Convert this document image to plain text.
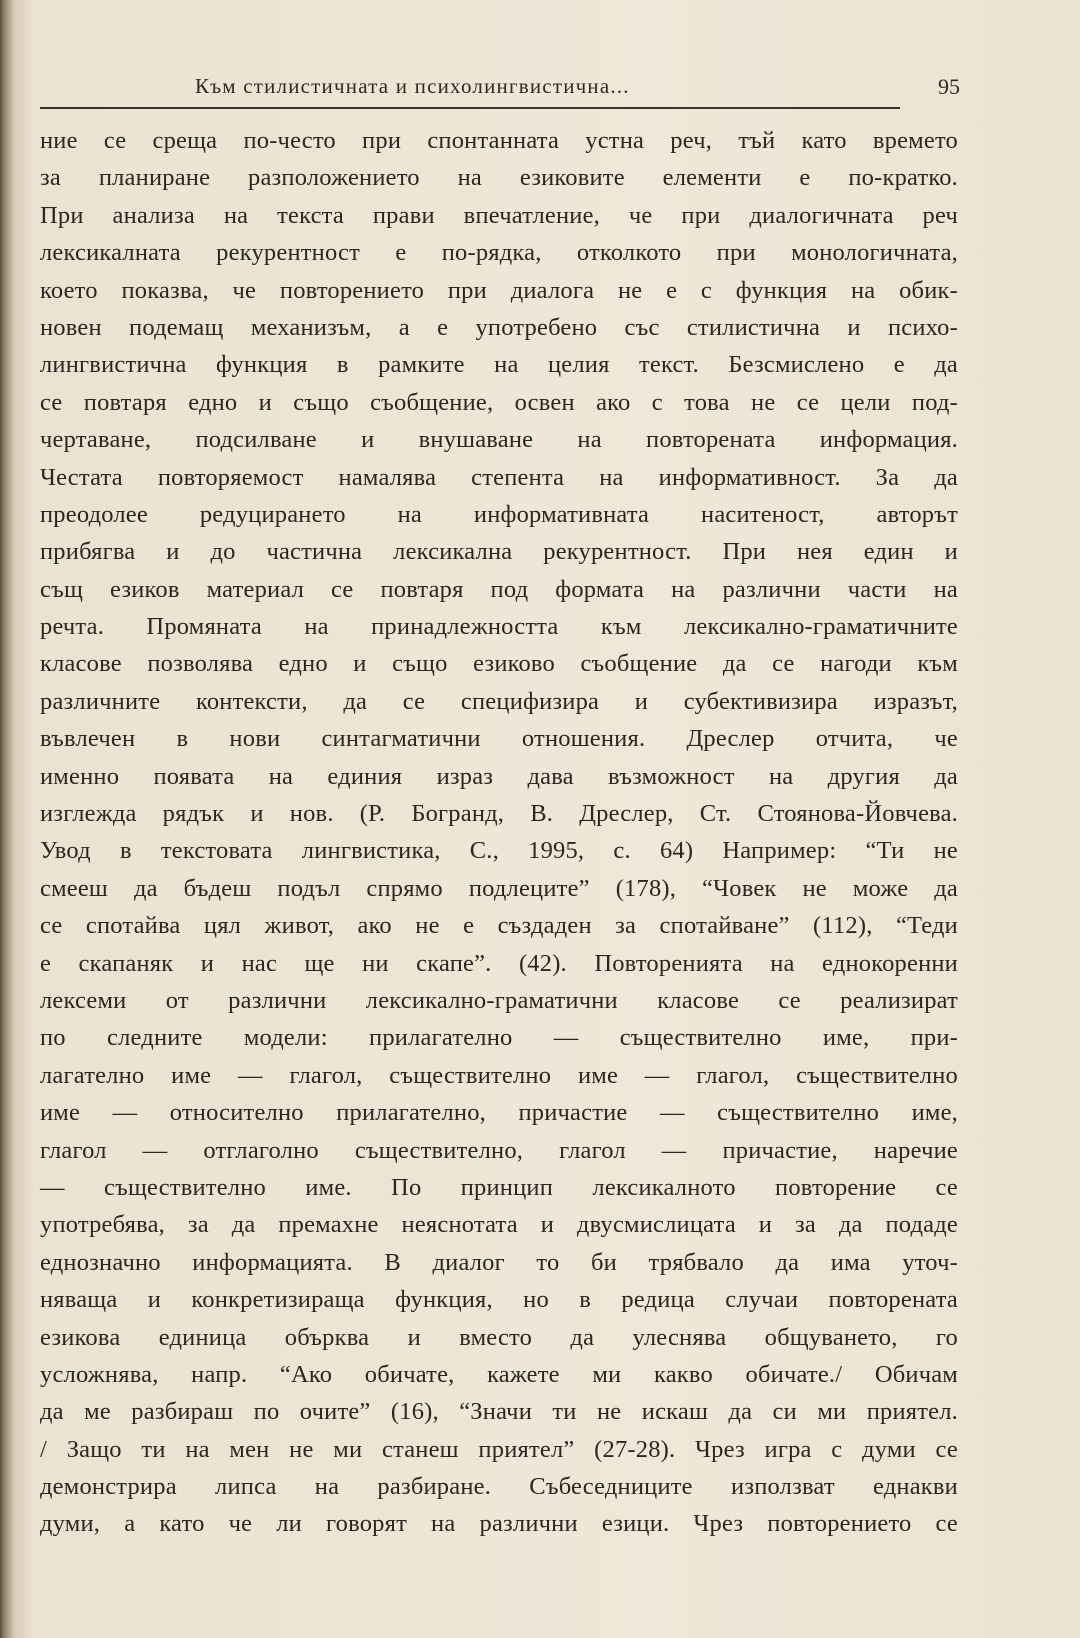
Към стилистичната и психолингвистична...	95
ние се среща по-често при спонтанната устна реч, тъй като времето
за планиране разположението на езиковите елементи е по-кратко.
При анализа на текста прави впечатление, че при диалогичната реч
лексикалната рекурентност е по-рядка, отколкото при монологичната,
което показва, че повторението при диалога не е с функция на обик-
новен подемащ механизъм, а е употребено със стилистична и психо-
лингвистична функция в рамките на целия текст. Безсмислено е да
се повтаря едно и също съобщение, освен ако с това не се цели под-
чертаване, подсилване и внушаване на повторената информация.
Честата повторяемост намалява степента на информативност. За да
преодолее редуцирането на информативната наситеност, авторът
прибягва и до частична лексикална рекурентност. При нея един и
същ езиков материал се повтаря под формата на различни части на
речта. Промяната на принадлежността към лексикално-граматичните
класове позволява едно и също езиково съобщение да се нагоди към
различните контексти, да се специфизира и субективизира изразът,
въвлечен в нови синтагматични отношения. Дреслер отчита, че
именно появата на единия израз дава възможност на другия да
изглежда рядък и нов. (Р. Богранд, В. Дреслер, Ст. Стоянова-Йовчева.
Увод в текстовата лингвистика, С., 1995, с. 64) Например: “Ти не
смееш да бъдеш подъл спрямо подлеците” (178), “Човек не може да
се спотайва цял живот, ако не е създаден за спотайване” (112), “Теди
е скапаняк и нас ще ни скапе”. (42). Повторенията на еднокоренни
лексеми от различни лексикално-граматични класове се реализират
по следните модели: прилагателно — съществително име, при-
лагателно име — глагол, съществително име — глагол, съществително
име — относително прилагателно, причастие — съществително име,
глагол — отглаголно съществително, глагол — причастие, наречие
— съществително име. По принцип лексикалното повторение се
употребява, за да премахне неяснотата и двусмислицата и за да подаде
еднозначно информацията. В диалог то би трябвало да има уточ-
няваща и конкретизираща функция, но в редица случаи повторената
езикова единица обърква и вместо да улеснява общуването, го
усложнява, напр. “Ако обичате, кажете ми какво обичате./ Обичам
да ме разбираш по очите” (16), “Значи ти не искаш да си ми приятел.
/ Защо ти на мен не ми станеш приятел” (27-28). Чрез игра с думи се
демонстрира липса на разбиране. Събеседниците използват еднакви
думи, а като че ли говорят на различни езици. Чрез повторението се
